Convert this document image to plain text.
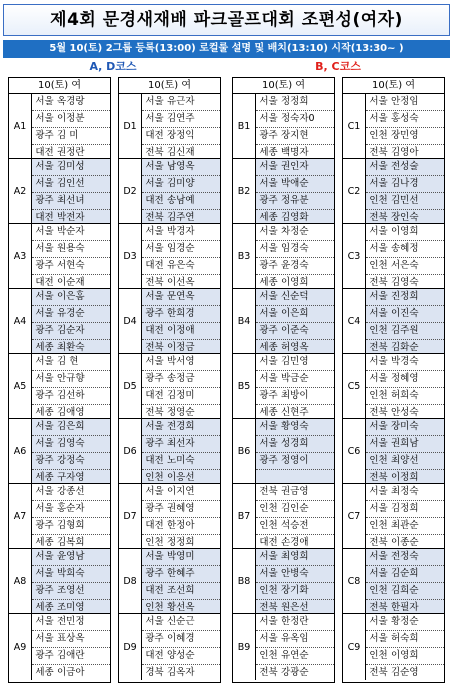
제4회 문경새재배 파크골프대회 조편성(여자)
5월 10(토) 2그룹 등록(13:00) 로컬룰 설명 및 배치(13:10) 시작(13:30~ )
A, D코스	B, C코스
10(토) 여
A1
서울 옥경랑
서울 이정분
광주 김 미
대전 권정란
A2
서울 김미성
서울 김인선
광주 최선녀
대전 박전자
A3
서울 박순자
서울 원용숙
광주 서현숙
대전 이순재
A4
서울 이은홈
서울 유경순
광주 김순자
세종 최환숙
A5
서울 김 현
서울 안규향
광주 김선하
세종 김애영
A6
서울 김은희
서울 김영숙
광주 강정숙
세종 구자영
A7
서울 강종선
서울 홍순자
광주 김형희
세종 김복희
A8
서울 윤영남
서울 박희숙
광주 조영선
세종 조미영
A9
서울 전민정
서울 표상옥
광주 김애란
세종 이금아
10(토) 여
D1
서울 유근자
서울 김연주
대전 장정익
전북 김신재
D2
서울 남영옥
서울 김미양
대전 송남예
전북 김주연
D3
서울 박경자
서울 임경순
대전 유은숙
전북 이선옥
D4
서울 문연옥
광주 한희경
대전 이정애
전북 이정금
D5
서울 박서영
광주 송정금
대전 김정미
전북 정영순
D6
서울 전경희
광주 최선자
대전 노미숙
인천 이응선
D7
서울 이지연
광주 권혜영
대전 한정아
인천 정정희
D8
서울 박영미
광주 한혜주
대전 조선희
인천 황선옥
D9
서울 신순근
광주 이혜경
대전 양성순
경북 김옥자
10(토) 여
B1
서울 정정희
서울 정숙자0
광주 장지현
세종 백명자
B2
서울 권인자
서울 박애순
광주 정유분
세종 김영화
B3
서울 차정순
서울 임경숙
광주 윤경숙
세종 이영희
B4
서울 신순덕
서울 이은희
광주 이준숙
세종 허영옥
B5
서울 김민영
서울 박금순
광주 최방이
세종 신현주
B6
서울 황영숙
서울 성경희
광주 정영이
B7
전북 권금영
인천 김인순
인천 석승전
대전 손경애
B8
서울 최영희
서울 안병숙
인천 장기화
전북 원은선
B9
서울 한정란
서울 유옥임
인천 유연순
전북 강광순
10(토) 여
C1
서울 안정임
서울 홍성숙
인천 장민영
전북 김영아
C2
서울 전성술
서울 김나경
인천 김민선
전북 장인숙
C3
서울 이영희
서울 송혜정
인천 서은숙
전북 김영숙
C4
서울 진정희
서울 이진숙
인천 김주원
전북 김화순
C5
서울 박경숙
서울 정혜영
인천 허희숙
전북 안성숙
C6
서울 장미숙
서울 권희남
인천 최양선
전북 이정희
C7
서울 최정숙
서울 김정희
인천 최관순
전북 이종순
C8
서울 전정숙
서울 김순희
인천 김희순
전북 한필자
C9
서울 황정순
서울 허숙희
인천 이영희
전북 김순영
